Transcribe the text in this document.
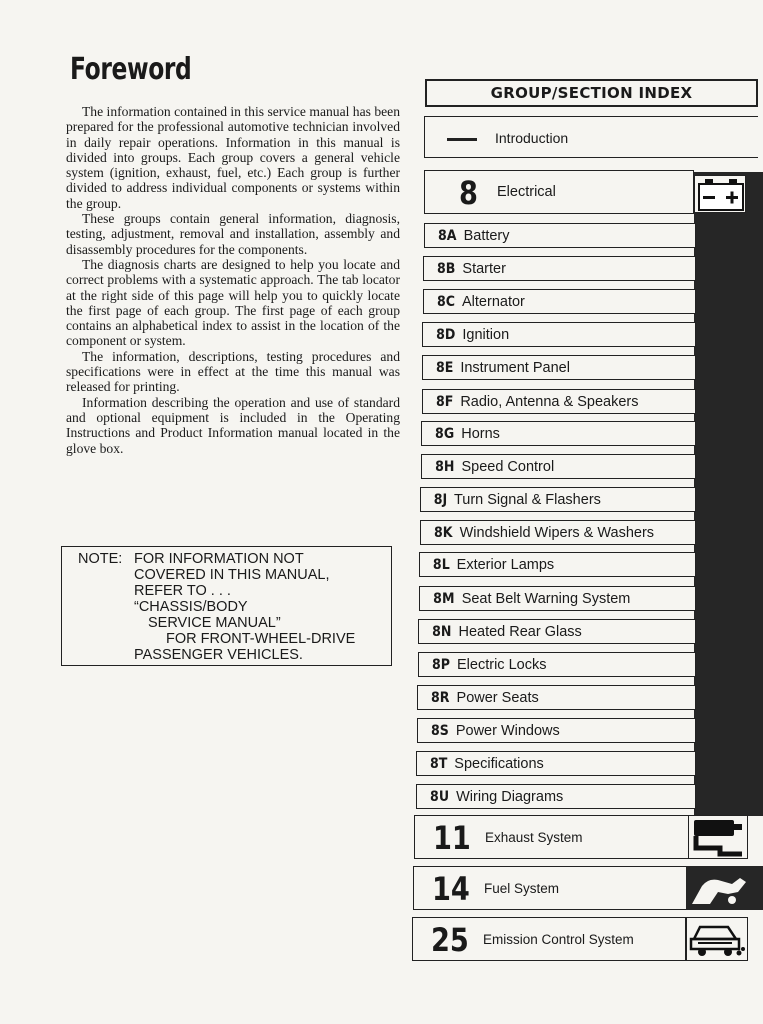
Foreword

The information contained in this service manual has been prepared for the professional automotive technician involved in daily repair operations. Information in this manual is divided into groups. Each group covers a general vehicle system (ignition, exhaust, fuel, etc.) Each group is further divided to address individual components or systems within the group.

These groups contain general information, diagnosis, testing, adjustment, removal and installation, assembly and disassembly procedures for the components.

The diagnosis charts are designed to help you locate and correct problems with a systematic approach. The tab locator at the right side of this page will help you to quickly locate the first page of each group. The first page of each group contains an alphabetical index to assist in the location of the component or system.

The information, descriptions, testing procedures and specifications were in effect at the time this manual was released for printing.

Information describing the operation and use of standard and optional equipment is included in the Operating Instructions and Product Information manual located in the glove box.

NOTE: FOR INFORMATION NOT
COVERED IN THIS MANUAL,
REFER TO . . .
“CHASSIS/BODY
SERVICE MANUAL”
FOR FRONT-WHEEL-DRIVE
PASSENGER VEHICLES.
GROUP/SECTION INDEX
Introduction
8 Electrical
8A Battery
8B Starter
8C Alternator
8D Ignition
8E Instrument Panel
8F Radio, Antenna & Speakers
8G Horns
8H Speed Control
8J Turn Signal & Flashers
8K Windshield Wipers & Washers
8L Exterior Lamps
8M Seat Belt Warning System
8N Heated Rear Glass
8P Electric Locks
8R Power Seats
8S Power Windows
8T Specifications
8U Wiring Diagrams
11 Exhaust System
14 Fuel System
25 Emission Control System
